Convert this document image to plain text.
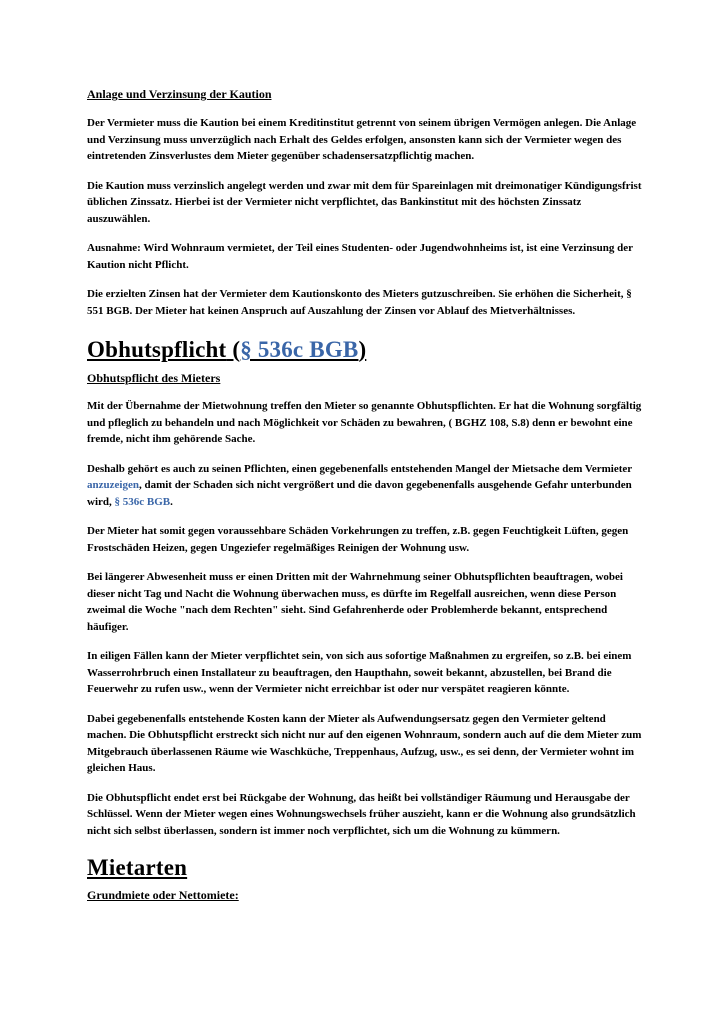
Anlage und Verzinsung der Kaution

Der Vermieter muss die Kaution bei einem Kreditinstitut getrennt von seinem übrigen Vermögen anlegen. Die Anlage und Verzinsung muss unverzüglich nach Erhalt des Geldes erfolgen, ansonsten kann sich der Vermieter wegen des eintretenden Zinsverlustes dem Mieter gegenüber schadensersatzpflichtig machen.

Die Kaution muss verzinslich angelegt werden und zwar mit dem für Spareinlagen mit dreimonatiger Kündigungsfrist üblichen Zinssatz. Hierbei ist der Vermieter nicht verpflichtet, das Bankinstitut mit des höchsten Zinssatz auszuwählen.

Ausnahme: Wird Wohnraum vermietet, der Teil eines Studenten- oder Jugendwohnheims ist, ist eine Verzinsung der Kaution nicht Pflicht.

Die erzielten Zinsen hat der Vermieter dem Kautionskonto des Mieters gutzuschreiben. Sie erhöhen die Sicherheit, § 551 BGB. Der Mieter hat keinen Anspruch auf Auszahlung der Zinsen vor Ablauf des Mietverhältnisses.

Obhutspflicht (§ 536c BGB)

Obhutspflicht des Mieters

Mit der Übernahme der Mietwohnung treffen den Mieter so genannte Obhutspflichten. Er hat die Wohnung sorgfältig und pfleglich zu behandeln und nach Möglichkeit vor Schäden zu bewahren, ( BGHZ 108, S.8) denn er bewohnt eine fremde, nicht ihm gehörende Sache.

Deshalb gehört es auch zu seinen Pflichten, einen gegebenenfalls entstehenden Mangel der Mietsache dem Vermieter anzuzeigen, damit der Schaden sich nicht vergrößert und die davon gegebenenfalls ausgehende Gefahr unterbunden wird, § 536c BGB.

Der Mieter hat somit gegen voraussehbare Schäden Vorkehrungen zu treffen, z.B. gegen Feuchtigkeit Lüften, gegen Frostschäden Heizen, gegen Ungeziefer regelmäßiges Reinigen der Wohnung usw.

Bei längerer Abwesenheit muss er einen Dritten mit der Wahrnehmung seiner Obhutspflichten beauftragen, wobei dieser nicht Tag und Nacht die Wohnung überwachen muss, es dürfte im Regelfall ausreichen, wenn diese Person zweimal die Woche "nach dem Rechten" sieht. Sind Gefahrenherde oder Problemherde bekannt, entsprechend häufiger.

In eiligen Fällen kann der Mieter verpflichtet sein, von sich aus sofortige Maßnahmen zu ergreifen, so z.B. bei einem Wasserrohrbruch einen Installateur zu beauftragen, den Haupthahn, soweit bekannt, abzustellen, bei Brand die Feuerwehr zu rufen usw., wenn der Vermieter nicht erreichbar ist oder nur verspätet reagieren könnte.

Dabei gegebenenfalls entstehende Kosten kann der Mieter als Aufwendungsersatz gegen den Vermieter geltend machen. Die Obhutspflicht erstreckt sich nicht nur auf den eigenen Wohnraum, sondern auch auf die dem Mieter zum Mitgebrauch überlassenen Räume wie Waschküche, Treppenhaus, Aufzug, usw., es sei denn, der Vermieter wohnt im gleichen Haus.

Die Obhutspflicht endet erst bei Rückgabe der Wohnung, das heißt bei vollständiger Räumung und Herausgabe der Schlüssel. Wenn der Mieter wegen eines Wohnungswechsels früher auszieht, kann er die Wohnung also grundsätzlich nicht sich selbst überlassen, sondern ist immer noch verpflichtet, sich um die Wohnung zu kümmern.

Mietarten

Grundmiete oder Nettomiete:
